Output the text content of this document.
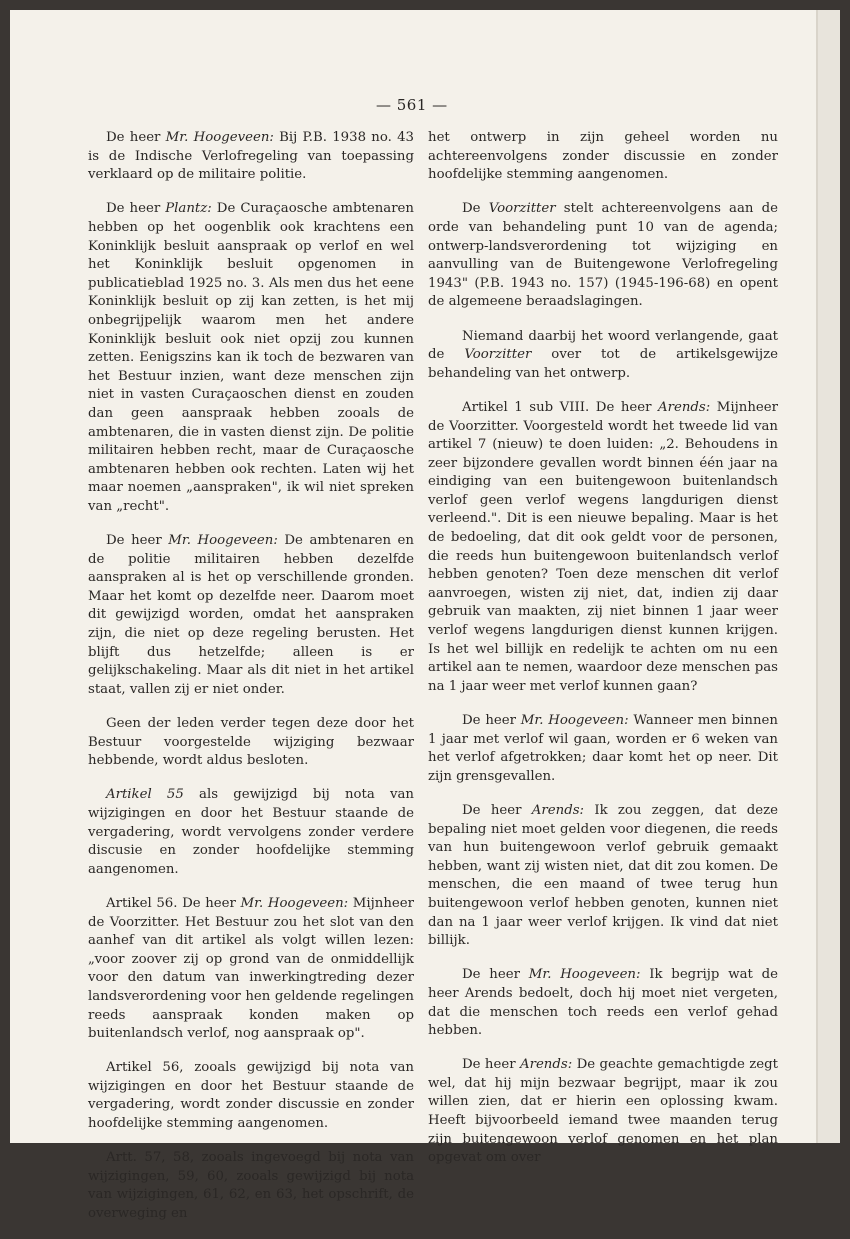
— 561 —

De heer Mr. Hoogeveen: Bij P.B. 1938 no. 43 is de Indische Verlofregeling van toepassing verklaard op de militaire politie.

De heer Plantz: De Curaçaosche ambtenaren hebben op het oogenblik ook krachtens een Koninklijk besluit aanspraak op verlof en wel het Koninklijk besluit opgenomen in publicatieblad 1925 no. 3. Als men dus het eene Koninklijk besluit op zij kan zetten, is het mij onbegrijpelijk waarom men het andere Koninklijk besluit ook niet opzij zou kunnen zetten. Eenigszins kan ik toch de bezwaren van het Bestuur inzien, want deze menschen zijn niet in vasten Curaçaoschen dienst en zouden dan geen aanspraak hebben zooals de ambtenaren, die in vasten dienst zijn. De politie militairen hebben recht, maar de Curaçaosche ambtenaren hebben ook rechten. Laten wij het maar noemen „aanspraken", ik wil niet spreken van „recht".

De heer Mr. Hoogeveen: De ambtenaren en de politie militairen hebben dezelfde aanspraken al is het op verschillende gronden. Maar het komt op dezelfde neer. Daarom moet dit gewijzigd worden, omdat het aanspraken zijn, die niet op deze regeling berusten. Het blijft dus hetzelfde; alleen is er gelijkschakeling. Maar als dit niet in het artikel staat, vallen zij er niet onder.

Geen der leden verder tegen deze door het Bestuur voorgestelde wijziging bezwaar hebbende, wordt aldus besloten.

Artikel 55 als gewijzigd bij nota van wijzigingen en door het Bestuur staande de vergadering, wordt vervolgens zonder verdere discusie en zonder hoofdelijke stemming aangenomen.

Artikel 56. De heer Mr. Hoogeveen: Mijnheer de Voorzitter. Het Bestuur zou het slot van den aanhef van dit artikel als volgt willen lezen: „voor zoover zij op grond van de onmiddellijk voor den datum van inwerkingtreding dezer landsverordening voor hen geldende regelingen reeds aanspraak konden maken op buitenlandsch verlof, nog aanspraak op".

Artikel 56, zooals gewijzigd bij nota van wijzigingen en door het Bestuur staande de vergadering, wordt zonder discussie en zonder hoofdelijke stemming aangenomen.

Artt. 57, 58, zooals ingevoegd bij nota van wijzigingen, 59, 60, zooals gewijzigd bij nota van wijzigingen, 61, 62, en 63, het opschrift, de overweging en

het ontwerp in zijn geheel worden nu achtereenvolgens zonder discussie en zonder hoofdelijke stemming aangenomen.

De Voorzitter stelt achtereenvolgens aan de orde van behandeling punt 10 van de agenda; ontwerp-landsverordening tot wijziging en aanvulling van de Buitengewone Verlofregeling 1943" (P.B. 1943 no. 157) (1945-196-68) en opent de algemeene beraadslagingen.

Niemand daarbij het woord verlangende, gaat de Voorzitter over tot de artikelsgewijze behandeling van het ontwerp.

Artikel 1 sub VIII. De heer Arends: Mijnheer de Voorzitter. Voorgesteld wordt het tweede lid van artikel 7 (nieuw) te doen luiden: „2. Behoudens in zeer bijzondere gevallen wordt binnen één jaar na eindiging van een buitengewoon buitenlandsch verlof geen verlof wegens langdurigen dienst verleend.". Dit is een nieuwe bepaling. Maar is het de bedoeling, dat dit ook geldt voor de personen, die reeds hun buitengewoon buitenlandsch verlof hebben genoten? Toen deze menschen dit verlof aanvroegen, wisten zij niet, dat, indien zij daar gebruik van maakten, zij niet binnen 1 jaar weer verlof wegens langdurigen dienst kunnen krijgen. Is het wel billijk en redelijk te achten om nu een artikel aan te nemen, waardoor deze menschen pas na 1 jaar weer met verlof kunnen gaan?

De heer Mr. Hoogeveen: Wanneer men binnen 1 jaar met verlof wil gaan, worden er 6 weken van het verlof afgetrokken; daar komt het op neer. Dit zijn grensgevallen.

De heer Arends: Ik zou zeggen, dat deze bepaling niet moet gelden voor diegenen, die reeds van hun buitengewoon verlof gebruik gemaakt hebben, want zij wisten niet, dat dit zou komen. De menschen, die een maand of twee terug hun buitengewoon verlof hebben genoten, kunnen niet dan na 1 jaar weer verlof krijgen. Ik vind dat niet billijk.

De heer Mr. Hoogeveen: Ik begrijp wat de heer Arends bedoelt, doch hij moet niet vergeten, dat die menschen toch reeds een verlof gehad hebben.

De heer Arends: De geachte gemachtigde zegt wel, dat hij mijn bezwaar begrijpt, maar ik zou willen zien, dat er hierin een oplossing kwam. Heeft bijvoorbeeld iemand twee maanden terug zijn buitengewoon verlof genomen en het plan opgevat om over
